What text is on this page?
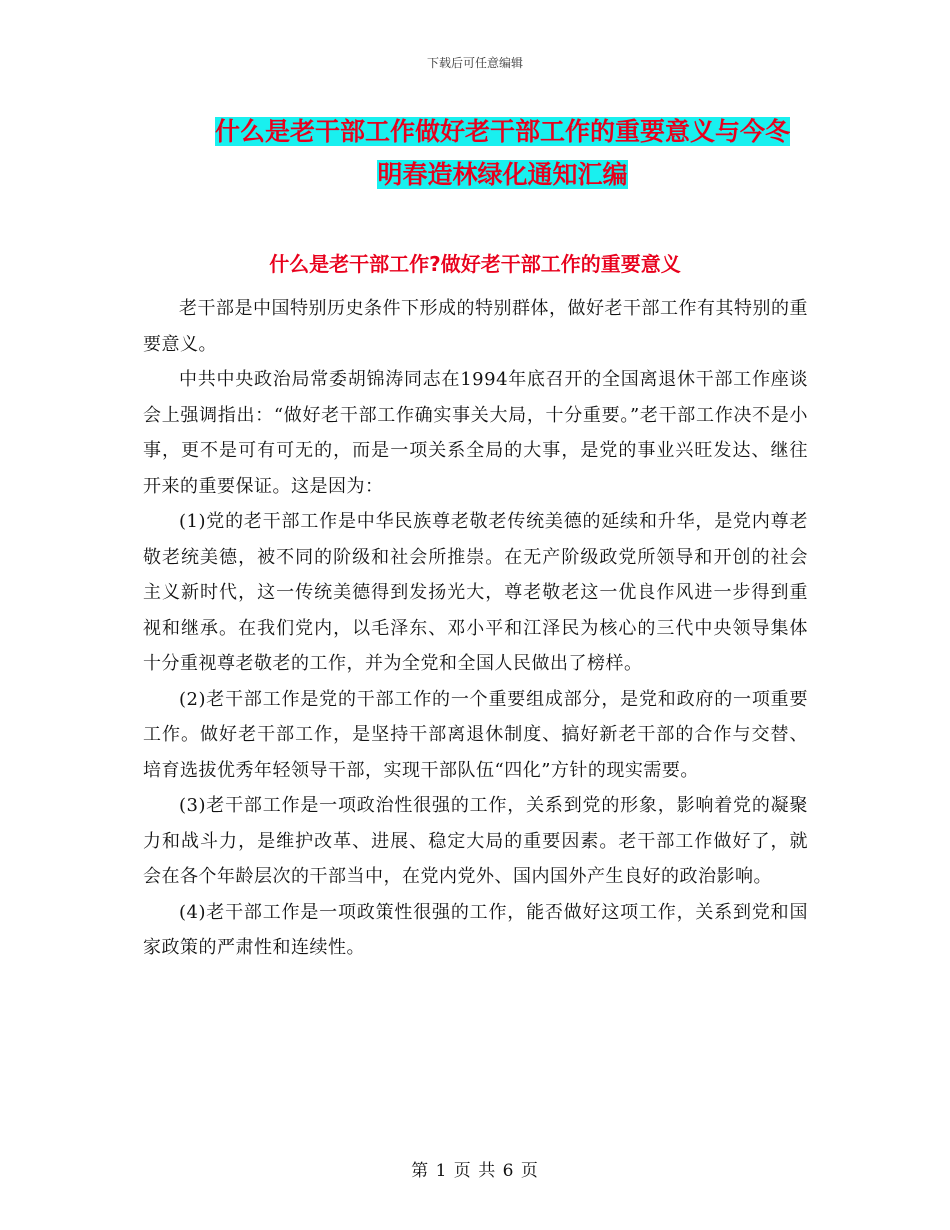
下载后可任意编辑
什么是老干部工作做好老干部工作的重要意义与今冬
明春造林绿化通知汇编
什么是老干部工作?做好老干部工作的重要意义

老干部是中国特别历史条件下形成的特别群体，做好老干部工作有其特别的重要意义。

中共中央政治局常委胡锦涛同志在1994年底召开的全国离退休干部工作座谈会上强调指出：“做好老干部工作确实事关大局，十分重要。”老干部工作决不是小事，更不是可有可无的，而是一项关系全局的大事，是党的事业兴旺发达、继往开来的重要保证。这是因为：

(1)党的老干部工作是中华民族尊老敬老传统美德的延续和升华，是党内尊老敬老统美德，被不同的阶级和社会所推崇。在无产阶级政党所领导和开创的社会主义新时代，这一传统美德得到发扬光大，尊老敬老这一优良作风进一步得到重视和继承。在我们党内，以毛泽东、邓小平和江泽民为核心的三代中央领导集体十分重视尊老敬老的工作，并为全党和全国人民做出了榜样。

(2)老干部工作是党的干部工作的一个重要组成部分，是党和政府的一项重要工作。做好老干部工作，是坚持干部离退休制度、搞好新老干部的合作与交替、培育选拔优秀年轻领导干部，实现干部队伍“四化”方针的现实需要。

(3)老干部工作是一项政治性很强的工作，关系到党的形象，影响着党的凝聚力和战斗力，是维护改革、进展、稳定大局的重要因素。老干部工作做好了，就会在各个年龄层次的干部当中，在党内党外、国内国外产生良好的政治影响。

(4)老干部工作是一项政策性很强的工作，能否做好这项工作，关系到党和国家政策的严肃性和连续性。

第 1 页 共 6 页
